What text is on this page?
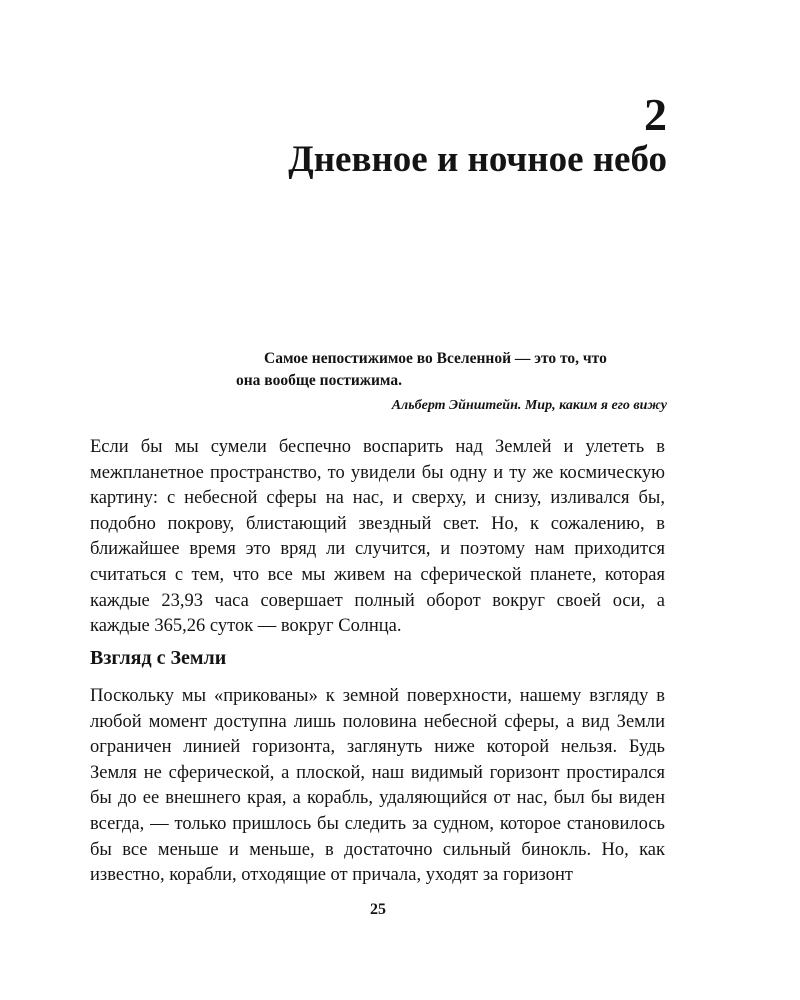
2
Дневное и ночное небо
Самое непостижимое во Вселенной — это то, что
она вообще постижима.
Альберт Эйнштейн. Мир, каким я его вижу

Если бы мы сумели беспечно воспарить над Землей и улететь в межпланетное пространство, то увидели бы одну и ту же космическую картину: с небесной сферы на нас, и сверху, и снизу, изливался бы, подобно покрову, блистающий звездный свет. Но, к сожалению, в ближайшее время это вряд ли случится, и поэтому нам приходится считаться с тем, что все мы живем на сферической планете, которая каждые 23,93 часа совершает полный оборот вокруг своей оси, а каждые 365,26 суток — вокруг Солнца.

Взгляд с Земли

Поскольку мы «прикованы» к земной поверхности, нашему взгляду в любой момент доступна лишь половина небесной сферы, а вид Земли ограничен линией горизонта, заглянуть ниже которой нельзя. Будь Земля не сферической, а плоской, наш видимый горизонт простирался бы до ее внешнего края, а корабль, удаляющийся от нас, был бы виден всегда, — только пришлось бы следить за судном, которое становилось бы все меньше и меньше, в достаточно сильный бинокль. Но, как известно, корабли, отходящие от причала, уходят за горизонт

25
